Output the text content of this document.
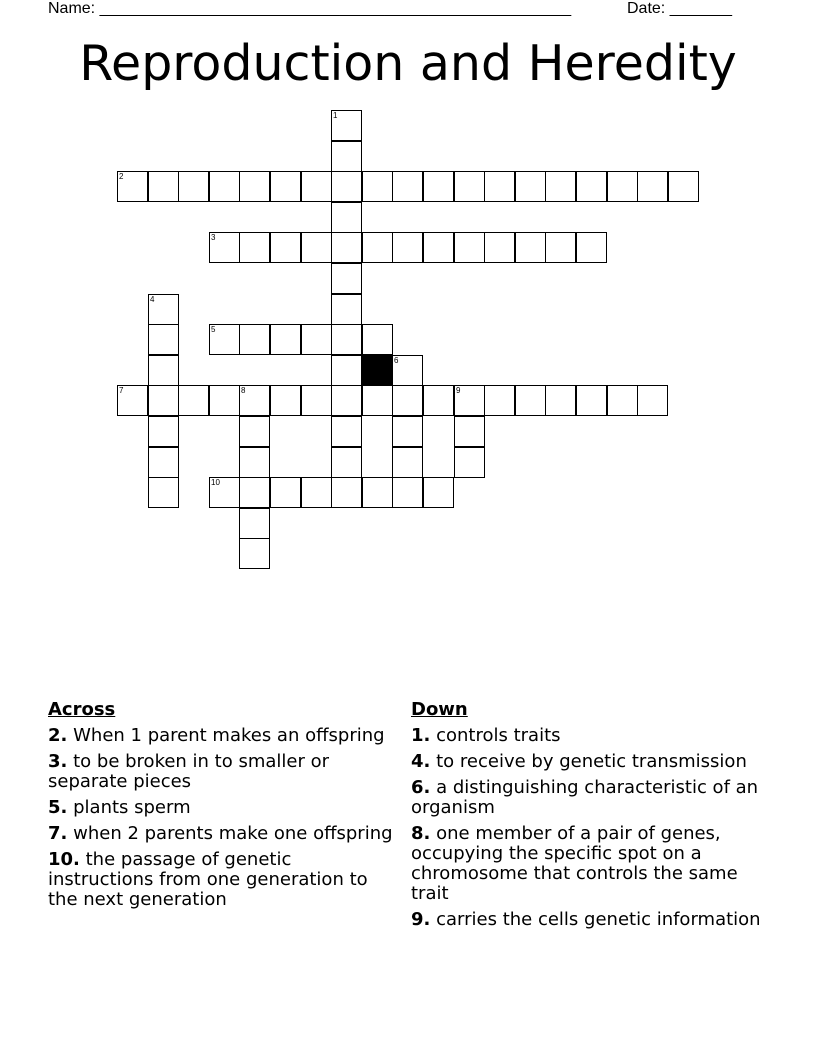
Name: _____________________________________________________	Date: _______
Reproduction and Heredity
1
2
3
4
5
6
7	8	9
10
Across
2. When 1 parent makes an offspring
3. to be broken in to smaller or separate pieces
5. plants sperm
7. when 2 parents make one offspring
10. the passage of genetic instructions from one generation to the next generation
Down
1. controls traits
4. to receive by genetic transmission
6. a distinguishing characteristic of an organism
8. one member of a pair of genes, occupying the specific spot on a chromosome that controls the same trait
9. carries the cells genetic information
